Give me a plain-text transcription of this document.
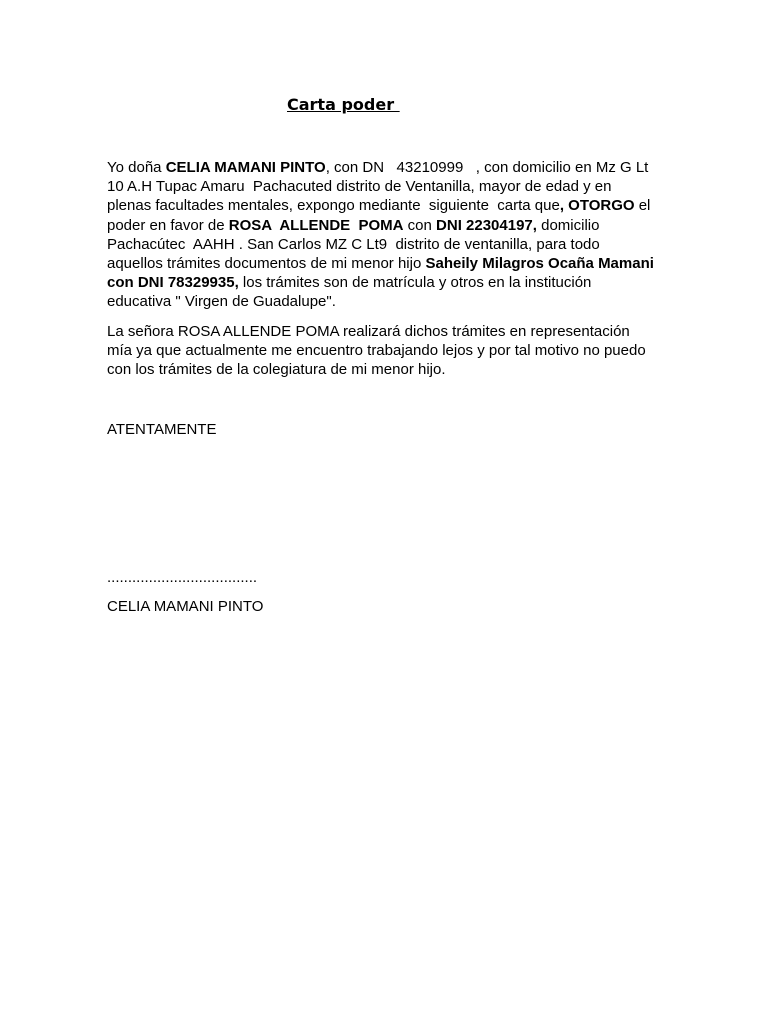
Carta poder
Yo doña CELIA MAMANI PINTO, con DN   43210999   , con domicilio en Mz G Lt
10 A.H Tupac Amaru  Pachacuted distrito de Ventanilla, mayor de edad y en
plenas facultades mentales, expongo mediante  siguiente  carta que, OTORGO el
poder en favor de ROSA  ALLENDE  POMA con DNI 22304197, domicilio
Pachacútec  AAHH . San Carlos MZ C Lt9  distrito de ventanilla, para todo
aquellos trámites documentos de mi menor hijo Saheily Milagros Ocaña Mamani
con DNI 78329935, los trámites son de matrícula y otros en la institución
educativa " Virgen de Guadalupe".
La señora ROSA ALLENDE POMA realizará dichos trámites en representación
mía ya que actualmente me encuentro trabajando lejos y por tal motivo no puedo
con los trámites de la colegiatura de mi menor hijo.
ATENTAMENTE
....................................
CELIA MAMANI PINTO
